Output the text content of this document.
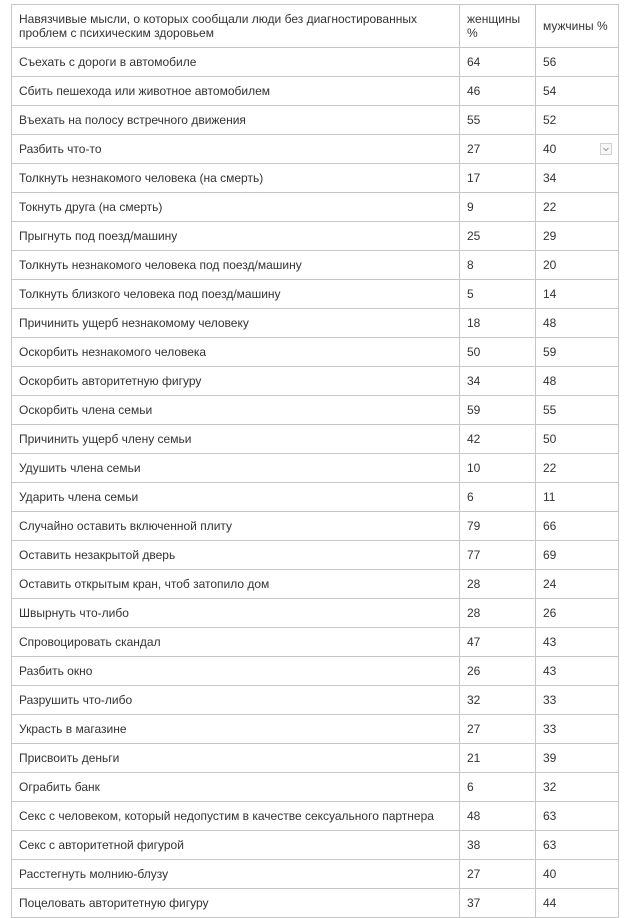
Навязчивые мысли, о которых сообщали люди без диагностированных проблем с психическим здоровьем	женщины %	мужчины %

Съехать с дороги в автомобиле	64	56

Сбить пешехода или животное автомобилем	46	54

Въехать на полосу встречного движения	55	52

Разбить что-то	27	40

Толкнуть незнакомого человека (на смерть)	17	34

Токнуть друга (на смерть)	9	22

Прыгнуть под поезд/машину	25	29

Толкнуть незнакомого человека под поезд/машину	8	20

Толкнуть близкого человека под поезд/машину	5	14

Причинить ущерб незнакомому человеку	18	48

Оскорбить незнакомого человека	50	59

Оскорбить авторитетную фигуру	34	48

Оскорбить члена семьи	59	55

Причинить ущерб члену семьи	42	50

Удушить члена семьи	10	22

Ударить члена семьи	6	11

Случайно оставить включенной плиту	79	66

Оставить незакрытой дверь	77	69

Оставить открытым кран, чтоб затопило дом	28	24

Швырнуть что-либо	28	26

Спровоцировать скандал	47	43

Разбить окно	26	43

Разрушить что-либо	32	33

Украсть в магазине	27	33

Присвоить деньги	21	39

Ограбить банк	6	32

Секс с человеком, который недопустим в качестве сексуального партнера	48	63

Секс с авторитетной фигурой	38	63

Расстегнуть молнию-блузу	27	40

Поцеловать авторитетную фигуру	37	44
